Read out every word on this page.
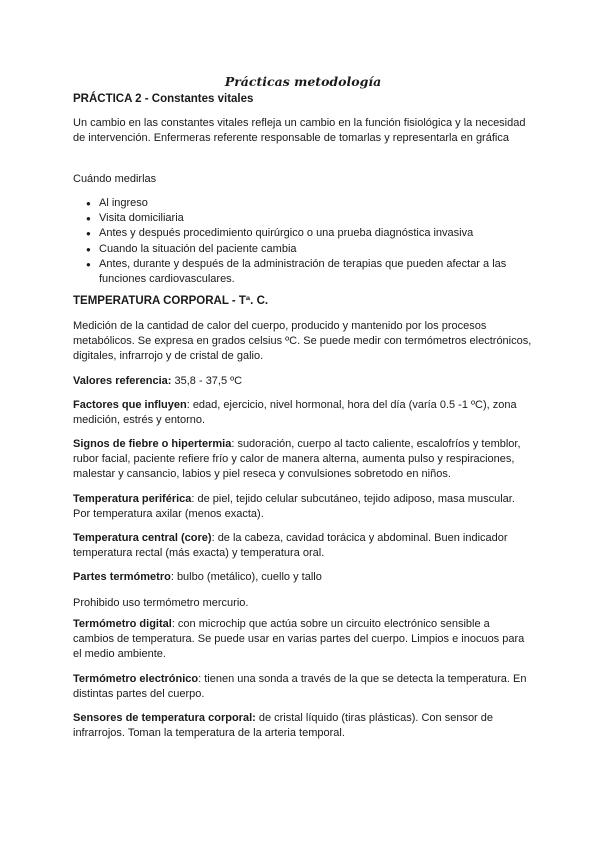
Prácticas metodología
PRÁCTICA 2 - Constantes vitales

Un cambio en las constantes vitales refleja un cambio en la función fisiológica y la necesidad de intervención. Enfermeras referente responsable de tomarlas y representarla en gráfica

Cuándo medirlas

● Al ingreso
● Visita domiciliaria
● Antes y después procedimiento quirúrgico o una prueba diagnóstica invasiva
● Cuando la situación del paciente cambia
● Antes, durante y después de la administración de terapias que pueden afectar a las funciones cardiovasculares.
TEMPERATURA CORPORAL - Tª. C.

Medición de la cantidad de calor del cuerpo, producido y mantenido por los procesos metabólicos. Se expresa en grados celsius ºC. Se puede medir con termómetros electrónicos, digitales, infrarrojo y de cristal de galio.

Valores referencia: 35,8 - 37,5 ºC

Factores que influyen: edad, ejercicio, nivel hormonal, hora del día (varía 0.5 -1 ºC), zona medición, estrés y entorno.

Signos de fiebre o hipertermia: sudoración, cuerpo al tacto caliente, escalofríos y temblor, rubor facial, paciente refiere frío y calor de manera alterna, aumenta pulso y respiraciones, malestar y cansancio, labios y piel reseca y convulsiones sobretodo en niños.

Temperatura periférica: de piel, tejido celular subcutáneo, tejido adiposo, masa muscular. Por temperatura axilar (menos exacta).

Temperatura central (core): de la cabeza, cavidad torácica y abdominal. Buen indicador temperatura rectal (más exacta) y temperatura oral.

Partes termómetro: bulbo (metálico), cuello y tallo

Prohibido uso termómetro mercurio.

Termómetro digital: con microchip que actúa sobre un circuito electrónico sensible a cambios de temperatura. Se puede usar en varias partes del cuerpo. Limpios e inocuos para el medio ambiente.

Termómetro electrónico: tienen una sonda a través de la que se detecta la temperatura. En distintas partes del cuerpo.

Sensores de temperatura corporal: de cristal líquido (tiras plásticas). Con sensor de infrarrojos. Toman la temperatura de la arteria temporal.
